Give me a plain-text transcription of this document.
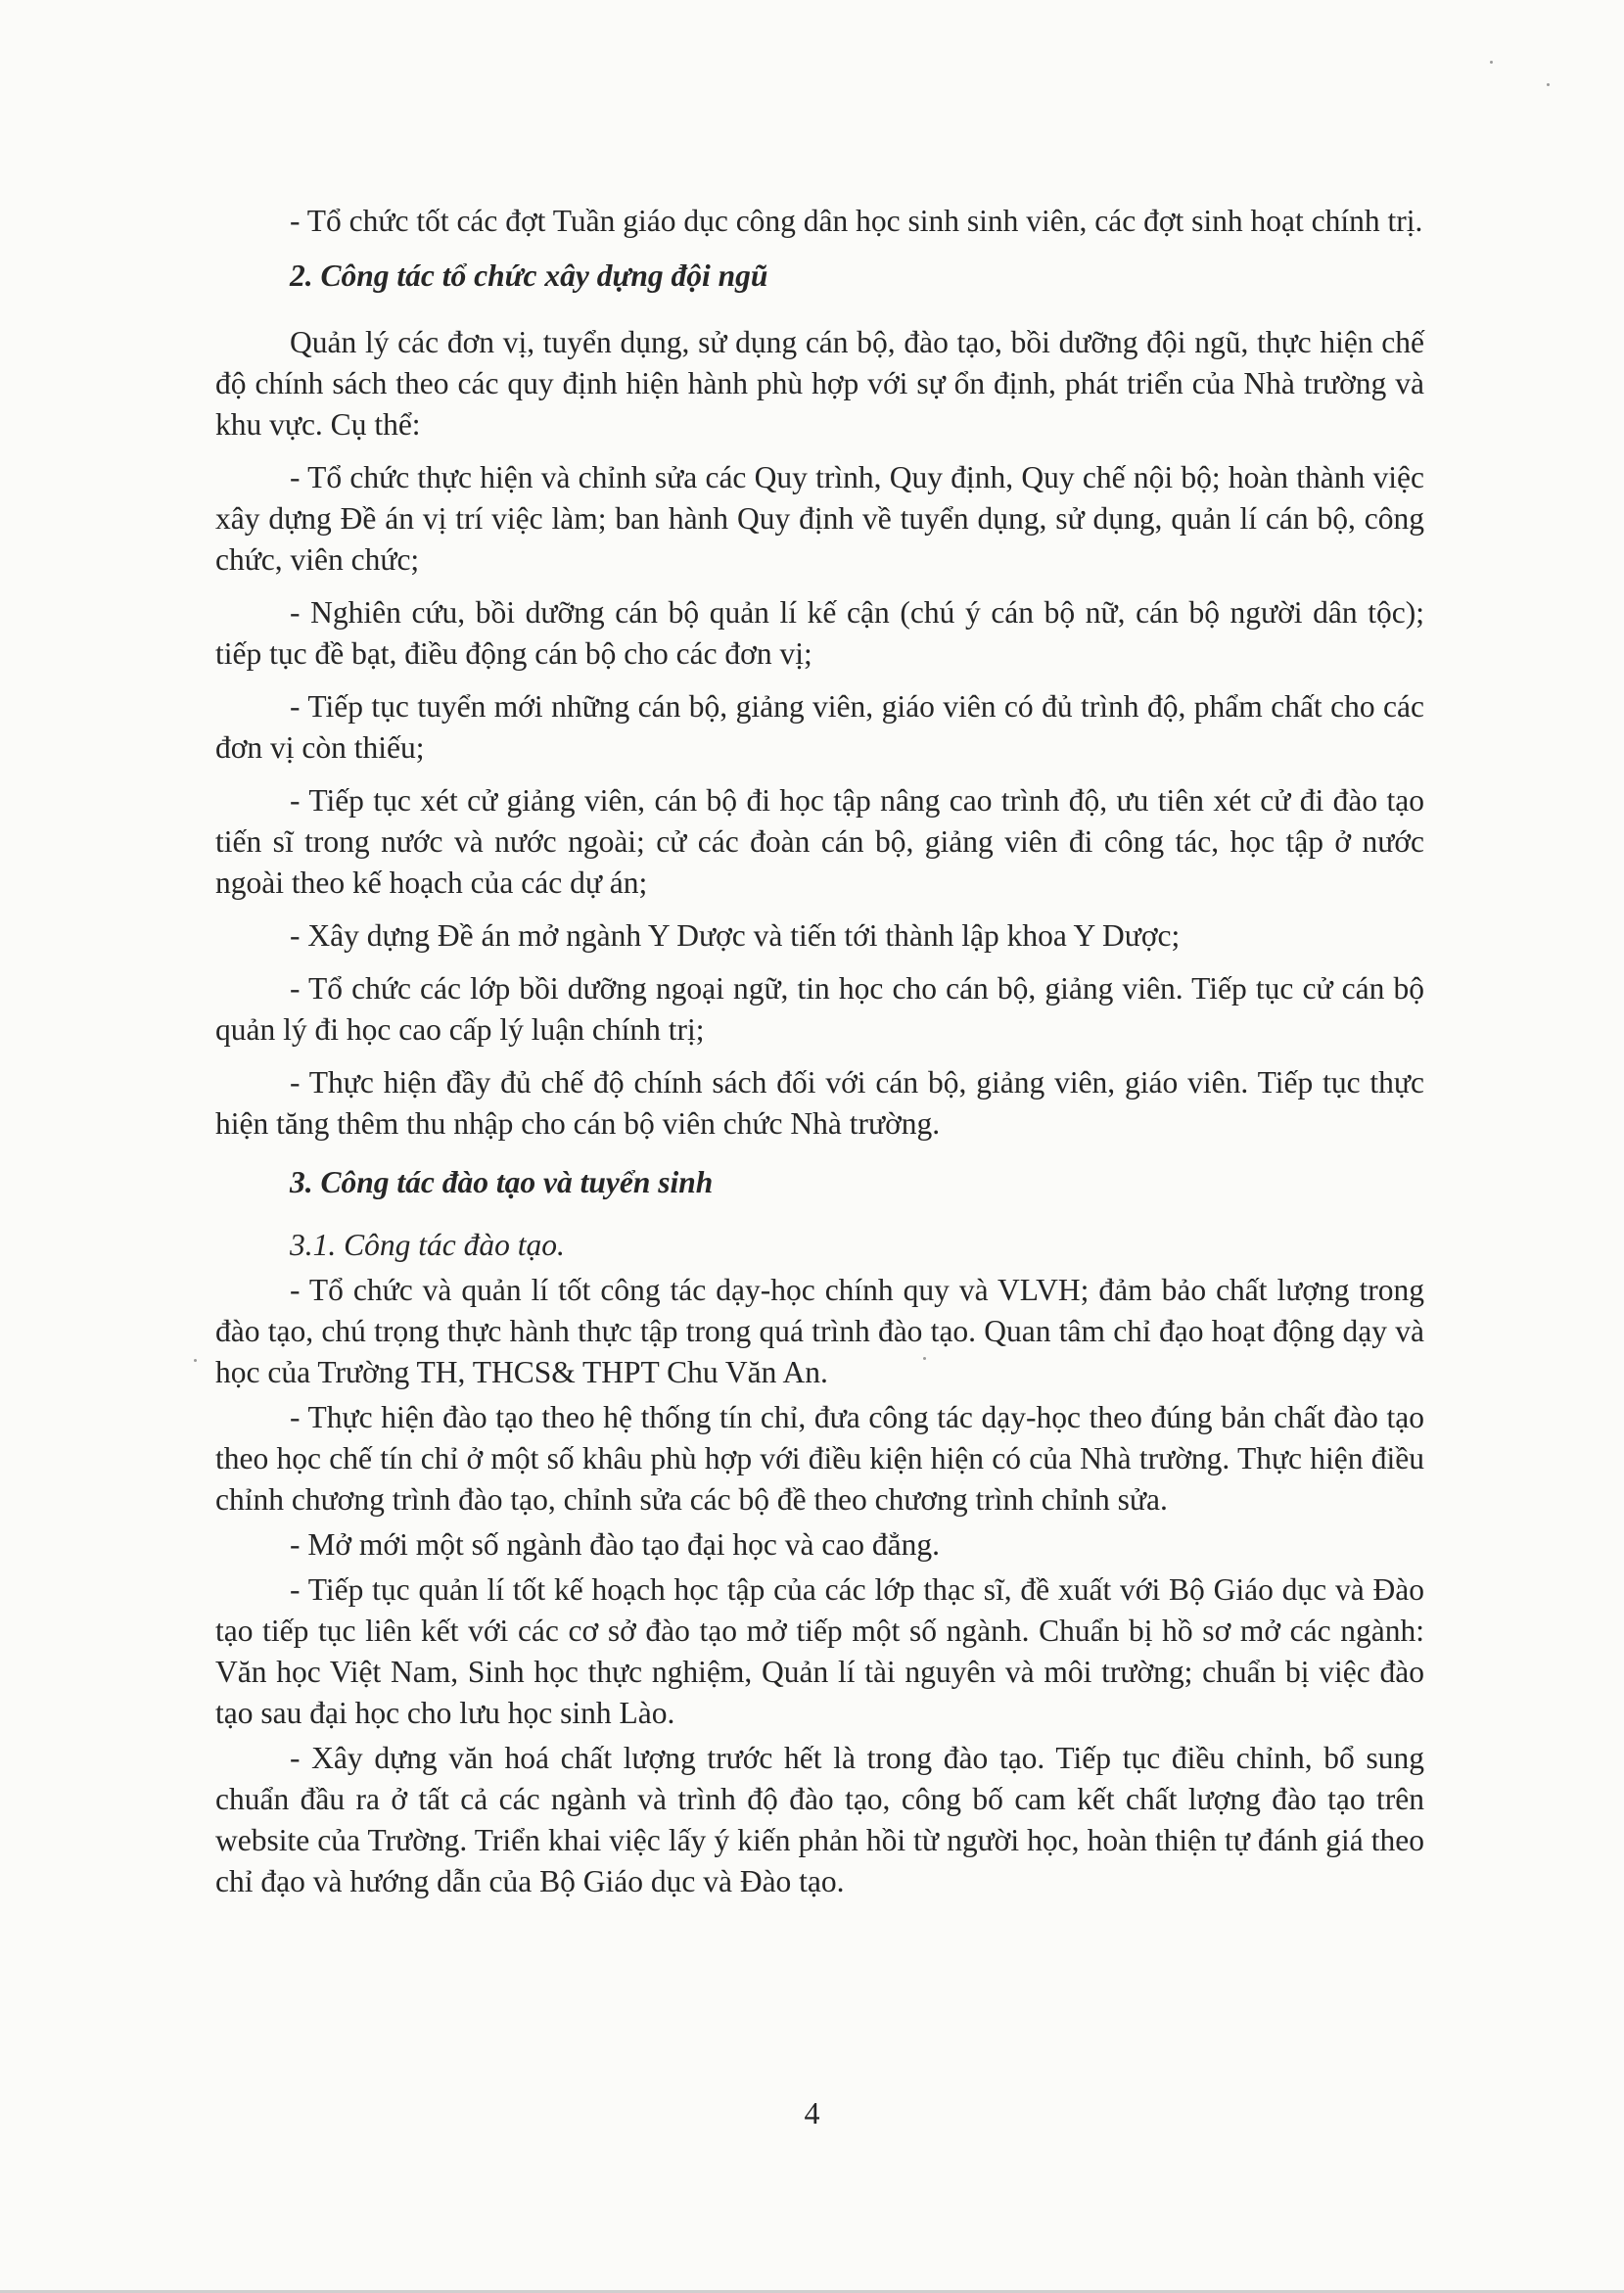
- Tổ chức tốt các đợt Tuần giáo dục công dân học sinh sinh viên, các đợt sinh hoạt chính trị.

2. Công tác tổ chức xây dựng đội ngũ

Quản lý các đơn vị, tuyển dụng, sử dụng cán bộ, đào tạo, bồi dưỡng đội ngũ, thực hiện chế độ chính sách theo các quy định hiện hành phù hợp với sự ổn định, phát triển của Nhà trường và khu vực. Cụ thể:

- Tổ chức thực hiện và chỉnh sửa các Quy trình, Quy định, Quy chế nội bộ; hoàn thành việc xây dựng Đề án vị trí việc làm; ban hành Quy định về tuyển dụng, sử dụng, quản lí cán bộ, công chức, viên chức;

- Nghiên cứu, bồi dưỡng cán bộ quản lí kế cận (chú ý cán bộ nữ, cán bộ người dân tộc); tiếp tục đề bạt, điều động cán bộ cho các đơn vị;

- Tiếp tục tuyển mới những cán bộ, giảng viên, giáo viên có đủ trình độ, phẩm chất cho các đơn vị còn thiếu;

- Tiếp tục xét cử giảng viên, cán bộ đi học tập nâng cao trình độ, ưu tiên xét cử đi đào tạo tiến sĩ trong nước và nước ngoài; cử các đoàn cán bộ, giảng viên đi công tác, học tập ở nước ngoài theo kế hoạch của các dự án;

- Xây dựng Đề án mở ngành Y Dược và tiến tới thành lập khoa Y Dược;

- Tổ chức các lớp bồi dưỡng ngoại ngữ, tin học cho cán bộ, giảng viên. Tiếp tục cử cán bộ quản lý đi học cao cấp lý luận chính trị;

- Thực hiện đầy đủ chế độ chính sách đối với cán bộ, giảng viên, giáo viên. Tiếp tục thực hiện tăng thêm thu nhập cho cán bộ viên chức Nhà trường.

3. Công tác đào tạo và tuyển sinh

3.1. Công tác đào tạo.

- Tổ chức và quản lí tốt công tác dạy-học chính quy và VLVH; đảm bảo chất lượng trong đào tạo, chú trọng thực hành thực tập trong quá trình đào tạo. Quan tâm chỉ đạo hoạt động dạy và học của Trường TH, THCS& THPT Chu Văn An.

- Thực hiện đào tạo theo hệ thống tín chỉ, đưa công tác dạy-học theo đúng bản chất đào tạo theo học chế tín chỉ ở một số khâu phù hợp với điều kiện hiện có của Nhà trường. Thực hiện điều chỉnh chương trình đào tạo, chỉnh sửa các bộ đề theo chương trình chỉnh sửa.

- Mở mới một số ngành đào tạo đại học và cao đẳng.

- Tiếp tục quản lí tốt kế hoạch học tập của các lớp thạc sĩ, đề xuất với Bộ Giáo dục và Đào tạo tiếp tục liên kết với các cơ sở đào tạo mở tiếp một số ngành. Chuẩn bị hồ sơ mở các ngành: Văn học Việt Nam, Sinh học thực nghiệm, Quản lí tài nguyên và môi trường; chuẩn bị việc đào tạo sau đại học cho lưu học sinh Lào.

- Xây dựng văn hoá chất lượng trước hết là trong đào tạo. Tiếp tục điều chỉnh, bổ sung chuẩn đầu ra ở tất cả các ngành và trình độ đào tạo, công bố cam kết chất lượng đào tạo trên website của Trường. Triển khai việc lấy ý kiến phản hồi từ người học, hoàn thiện tự đánh giá theo chỉ đạo và hướng dẫn của Bộ Giáo dục và Đào tạo.

4
